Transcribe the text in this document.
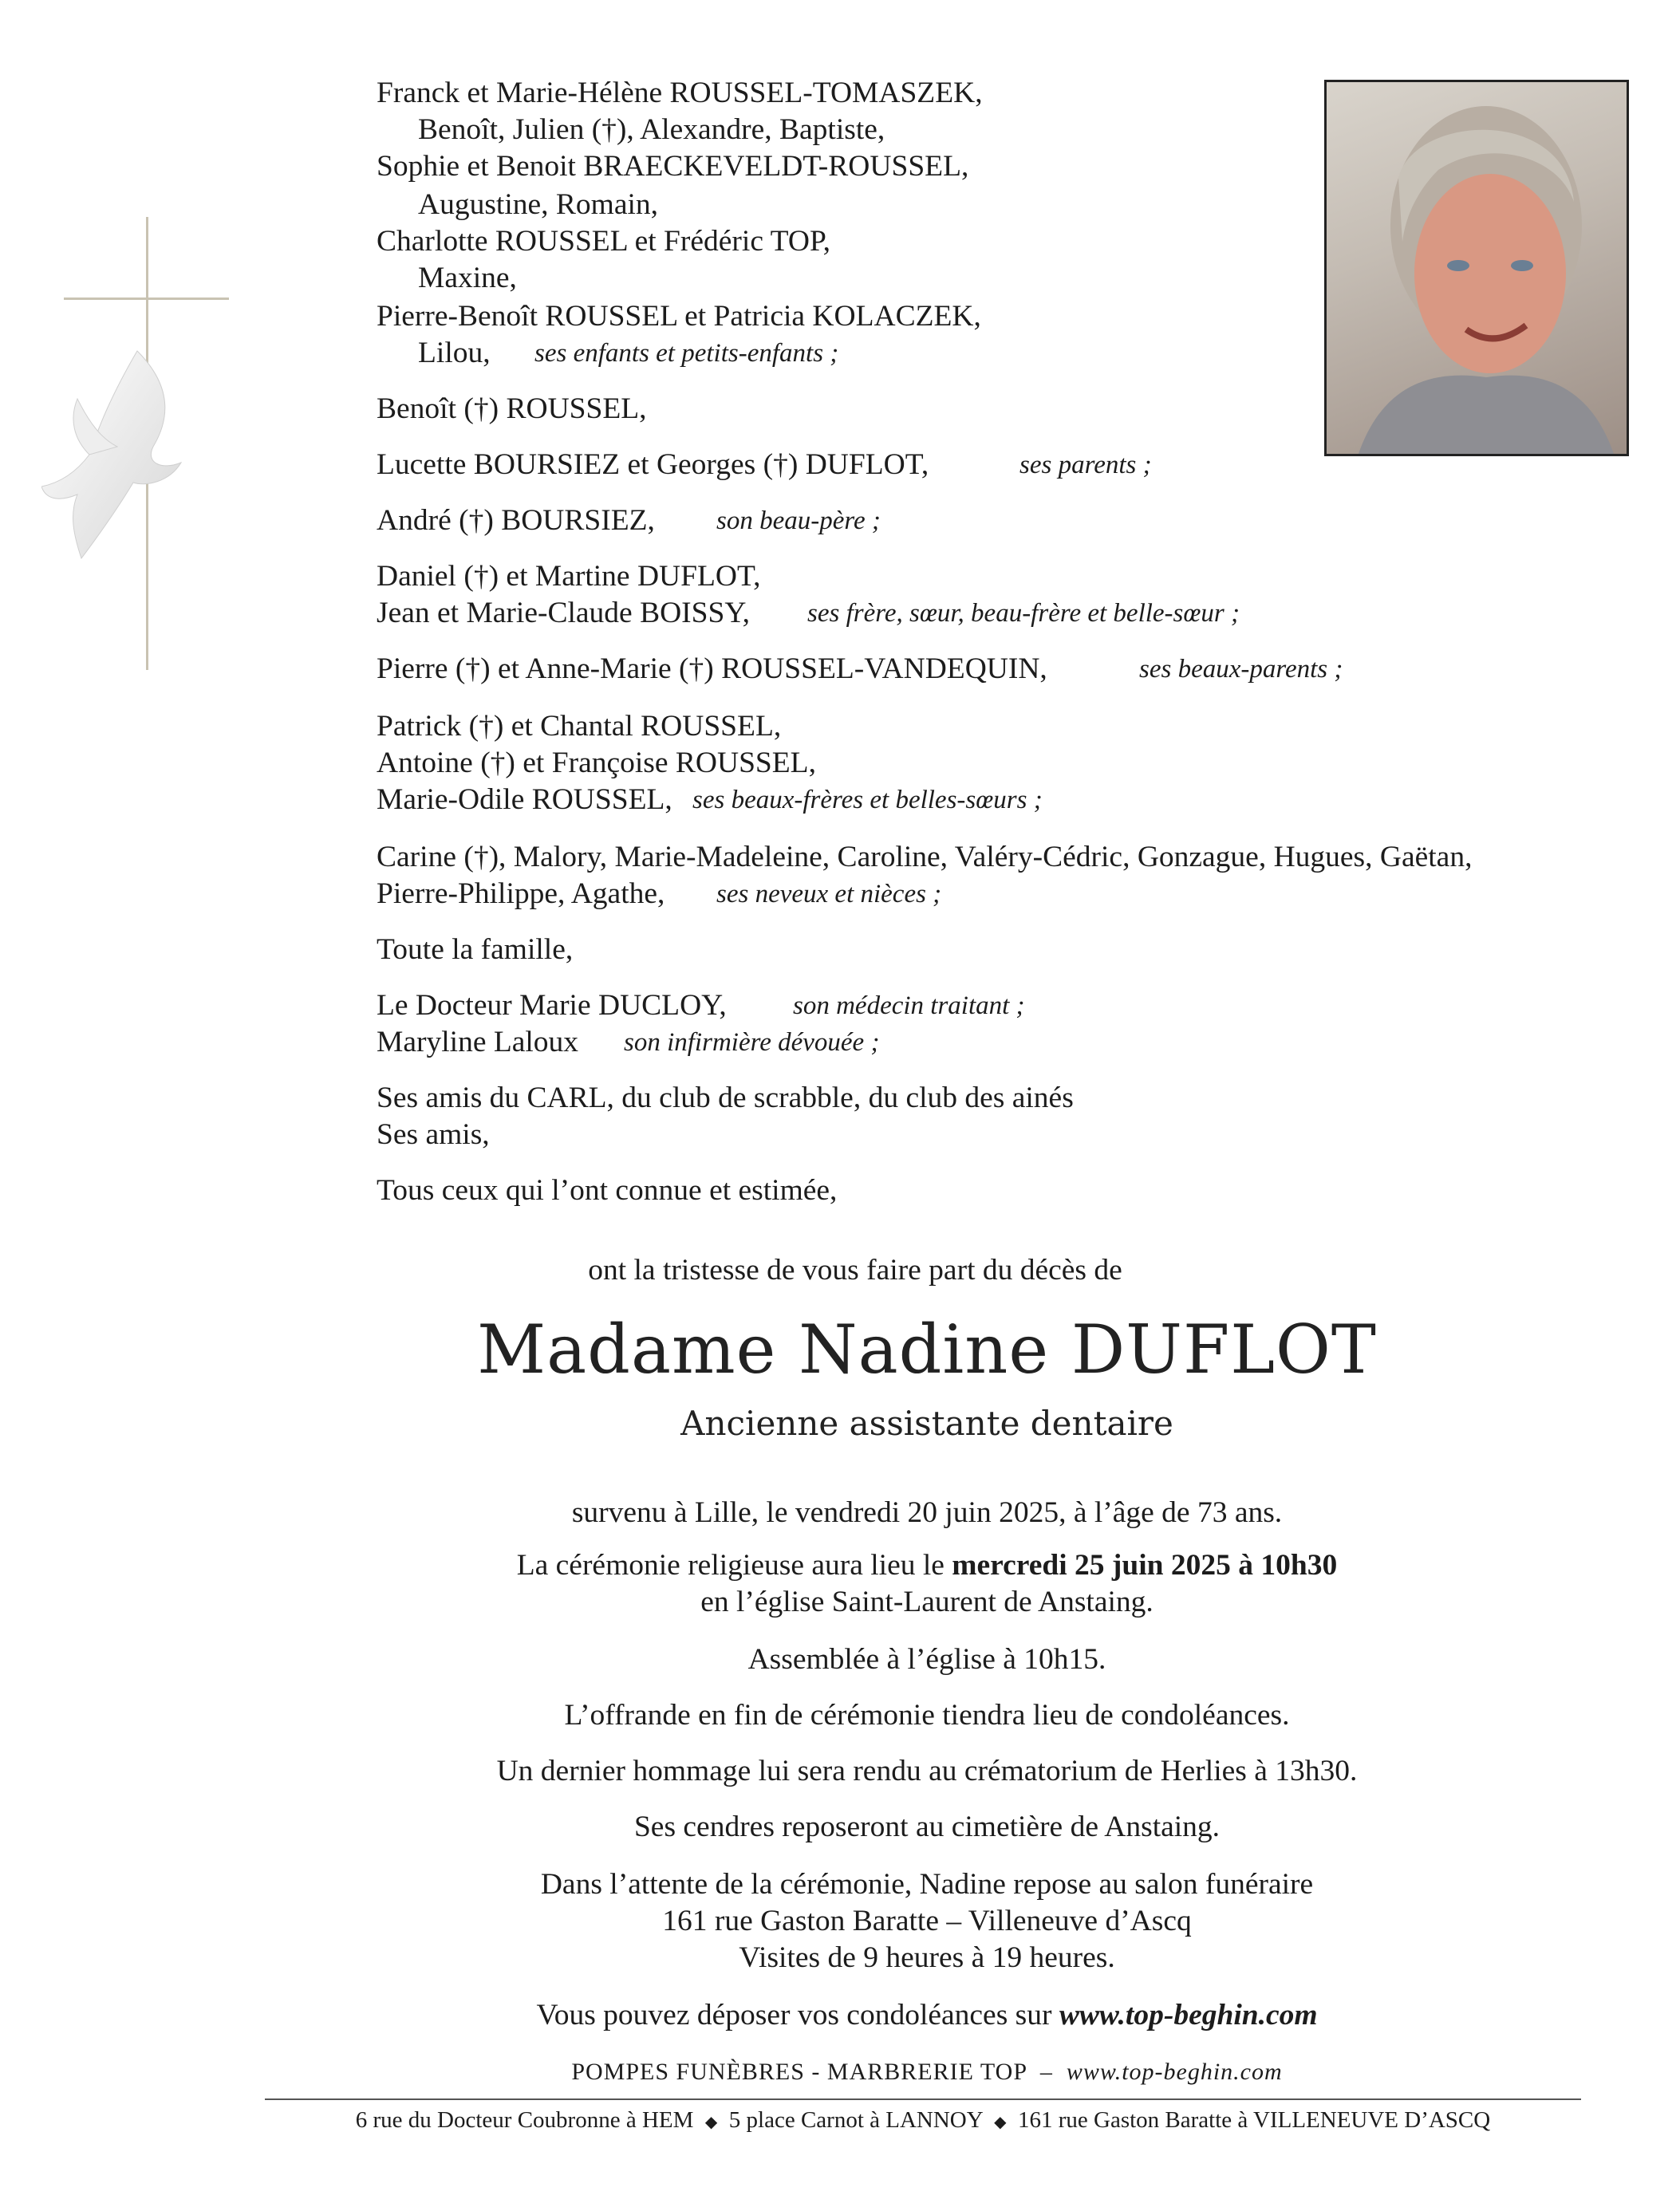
Franck et Marie-Hélène ROUSSEL-TOMASZEK,
Benoît, Julien (†), Alexandre, Baptiste,
Sophie et Benoit BRAECKEVELDT-ROUSSEL,
Augustine, Romain,
Charlotte ROUSSEL et Frédéric TOP,
Maxine,
Pierre-Benoît ROUSSEL et Patricia KOLACZEK,
Lilou, ses enfants et petits-enfants ;
Benoît (†) ROUSSEL,
Lucette BOURSIEZ et Georges (†) DUFLOT,	ses parents ;
André (†) BOURSIEZ, son beau-père ;
Daniel (†) et Martine DUFLOT,
Jean et Marie-Claude BOISSY, ses frère, sœur, beau-frère et belle-sœur ;
Pierre (†) et Anne-Marie (†) ROUSSEL-VANDEQUIN,	ses beaux-parents ;
Patrick (†) et Chantal ROUSSEL,
Antoine (†) et Françoise ROUSSEL,
Marie-Odile ROUSSEL, ses beaux-frères et belles-sœurs ;
Carine (†), Malory, Marie-Madeleine, Caroline, Valéry-Cédric, Gonzague, Hugues, Gaëtan,
Pierre-Philippe, Agathe, ses neveux et nièces ;
Toute la famille,
Le Docteur Marie DUCLOY,	son médecin traitant ;
Maryline Laloux son infirmière dévouée ;
Ses amis du CARL, du club de scrabble, du club des ainés
Ses amis,
Tous ceux qui l’ont connue et estimée,
ont la tristesse de vous faire part du décès de
Madame Nadine DUFLOT
Ancienne assistante dentaire
survenu à Lille, le vendredi 20 juin 2025, à l’âge de 73 ans.
La cérémonie religieuse aura lieu le mercredi 25 juin 2025 à 10h30
en l’église Saint-Laurent de Anstaing.
Assemblée à l’église à 10h15.
L’offrande en fin de cérémonie tiendra lieu de condoléances.
Un dernier hommage lui sera rendu au crématorium de Herlies à 13h30.
Ses cendres reposeront au cimetière de Anstaing.
Dans l’attente de la cérémonie, Nadine repose au salon funéraire
161 rue Gaston Baratte – Villeneuve d’Ascq
Visites de 9 heures à 19 heures.
Vous pouvez déposer vos condoléances sur www.top-beghin.com
POMPES FUNÈBRES - MARBRERIE TOP – www.top-beghin.com
6 rue du Docteur Coubronne à HEM ◆ 5 place Carnot à LANNOY ◆ 161 rue Gaston Baratte à VILLENEUVE D’ASCQ
